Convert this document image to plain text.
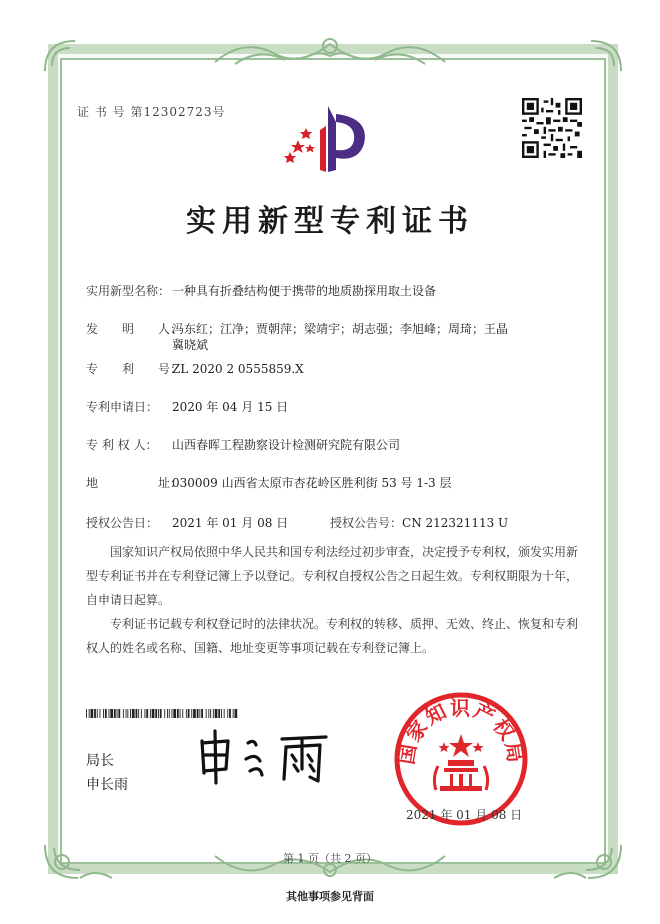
证 书 号 第12302723号
实用新型专利证书
实用新型名称： 一种具有折叠结构便于携带的地质勘探用取土设备
发　　明　　人：冯东红；江净；贾朝萍；梁靖宇；胡志强；李旭峰；周琦；王晶
冀晓斌
专　　利　　号：ZL 2020 2 0555859.X
专利申请日： 2020 年 04 月 15 日
专 利 权 人： 山西春晖工程勘察设计检测研究院有限公司
地　　　　　址：030009 山西省太原市杏花岭区胜利街 53 号 1-3 层
授权公告日： 2021 年 01 月 08 日	授权公告号：CN 212321113 U

国家知识产权局依照中华人民共和国专利法经过初步审查，决定授予专利权，颁发实用新型专利证书并在专利登记簿上予以登记。专利权自授权公告之日起生效。专利权期限为十年，自申请日起算。

专利证书记载专利权登记时的法律状况。专利权的转移、质押、无效、终止、恢复和专利权人的姓名或名称、国籍、地址变更等事项记载在专利登记簿上。

局长
申长雨
国家知识产权局
2021 年 01 月 08 日
第 1 页（共 2 页）
其他事项参见背面
